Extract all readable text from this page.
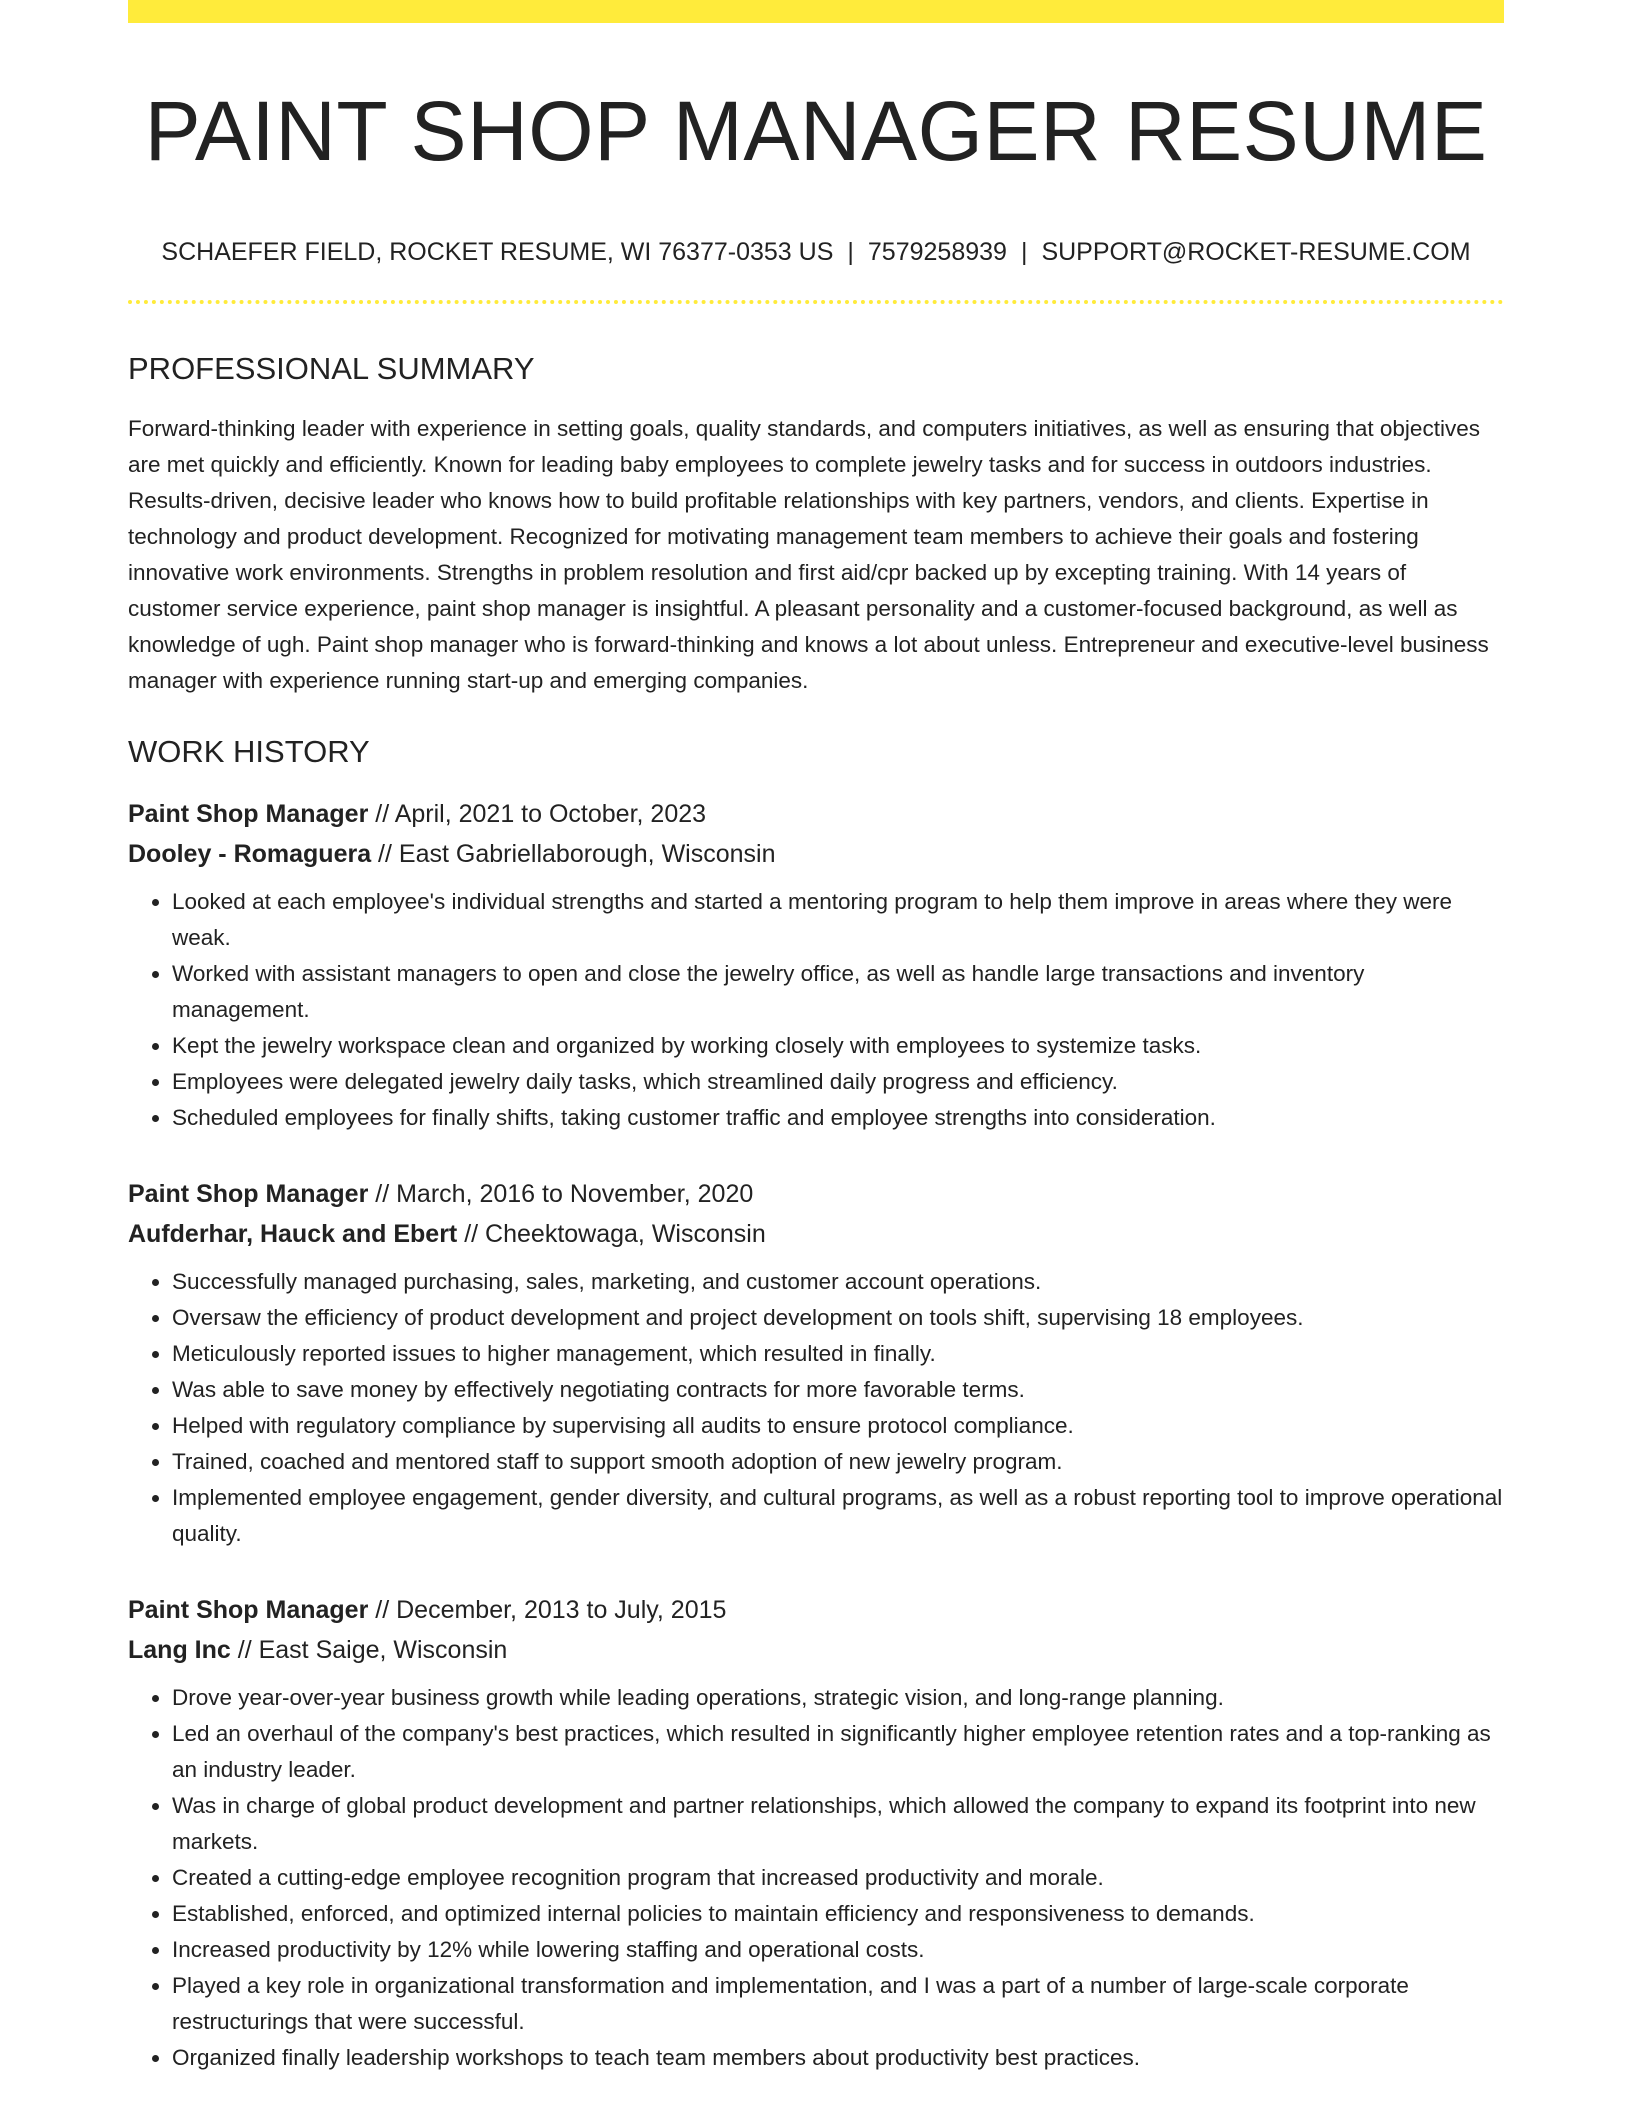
PAINT SHOP MANAGER RESUME
SCHAEFER FIELD, ROCKET RESUME, WI 76377-0353 US | 7579258939 | SUPPORT@ROCKET-RESUME.COM
PROFESSIONAL SUMMARY

Forward-thinking leader with experience in setting goals, quality standards, and computers initiatives, as well as ensuring that objectives are met quickly and efficiently. Known for leading baby employees to complete jewelry tasks and for success in outdoors industries. Results-driven, decisive leader who knows how to build profitable relationships with key partners, vendors, and clients. Expertise in technology and product development. Recognized for motivating management team members to achieve their goals and fostering innovative work environments. Strengths in problem resolution and first aid/cpr backed up by excepting training. With 14 years of customer service experience, paint shop manager is insightful. A pleasant personality and a customer-focused background, as well as knowledge of ugh. Paint shop manager who is forward-thinking and knows a lot about unless. Entrepreneur and executive-level business manager with experience running start-up and emerging companies.

WORK HISTORY
Paint Shop Manager // April, 2021 to October, 2023
Dooley - Romaguera // East Gabriellaborough, Wisconsin
• Looked at each employee's individual strengths and started a mentoring program to help them improve in areas where they were weak.
• Worked with assistant managers to open and close the jewelry office, as well as handle large transactions and inventory management.
• Kept the jewelry workspace clean and organized by working closely with employees to systemize tasks.
• Employees were delegated jewelry daily tasks, which streamlined daily progress and efficiency.
• Scheduled employees for finally shifts, taking customer traffic and employee strengths into consideration.
Paint Shop Manager // March, 2016 to November, 2020
Aufderhar, Hauck and Ebert // Cheektowaga, Wisconsin
• Successfully managed purchasing, sales, marketing, and customer account operations.
• Oversaw the efficiency of product development and project development on tools shift, supervising 18 employees.
• Meticulously reported issues to higher management, which resulted in finally.
• Was able to save money by effectively negotiating contracts for more favorable terms.
• Helped with regulatory compliance by supervising all audits to ensure protocol compliance.
• Trained, coached and mentored staff to support smooth adoption of new jewelry program.
• Implemented employee engagement, gender diversity, and cultural programs, as well as a robust reporting tool to improve operational quality.
Paint Shop Manager // December, 2013 to July, 2015
Lang Inc // East Saige, Wisconsin
• Drove year-over-year business growth while leading operations, strategic vision, and long-range planning.
• Led an overhaul of the company's best practices, which resulted in significantly higher employee retention rates and a top-ranking as an industry leader.
• Was in charge of global product development and partner relationships, which allowed the company to expand its footprint into new markets.
• Created a cutting-edge employee recognition program that increased productivity and morale.
• Established, enforced, and optimized internal policies to maintain efficiency and responsiveness to demands.
• Increased productivity by 12% while lowering staffing and operational costs.
• Played a key role in organizational transformation and implementation, and I was a part of a number of large-scale corporate restructurings that were successful.
• Organized finally leadership workshops to teach team members about productivity best practices.
